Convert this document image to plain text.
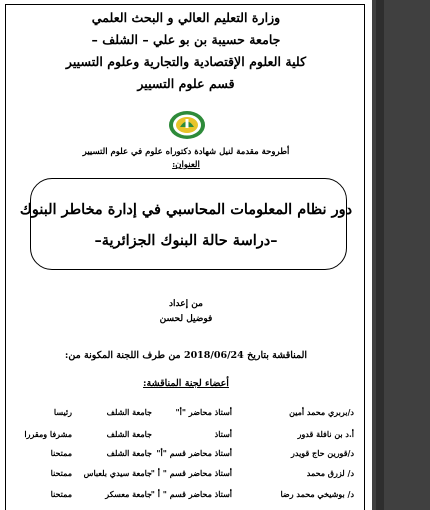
وزارة التعليم العالي و البحث العلمي
جامعة حسيبة بن بو علي – الشلف –
كلية العلوم الإقتصادية والتجارية وعلوم التسيير
قسم علوم التسيير
أطروحة مقدمة لنيل شهادة دكتوراه علوم في علوم التسيير
العنوان:
دور نظام المعلومات المحاسبي في إدارة مخاطر البنوك
–دراسة حالة البنوك الجزائرية–
من إعداد
فوضيل لحسن
المناقشة بتاريخ 2018/06/24 من طرف اللجنة المكونة من:
أعضاء لجنة المناقشة:
د/بربري محمد أمين
أستاذ محاضر "أ"
جامعة الشلف
رئيسا
أ.د بن نافلة قدور
أستاذ
جامعة الشلف
مشرفا ومقررا
د/قورين حاج قويدر
أستاذ محاضر قسم "أ"
جامعة الشلف
ممتحنا
د/ لزرق محمد
أستاذ محاضر قسم " أ "
جامعة سيدي بلعباس
ممتحنا
د/ بوشيخي محمد رضا
أستاذ محاضر قسم " أ "
جامعة معسكر
ممتحنا
